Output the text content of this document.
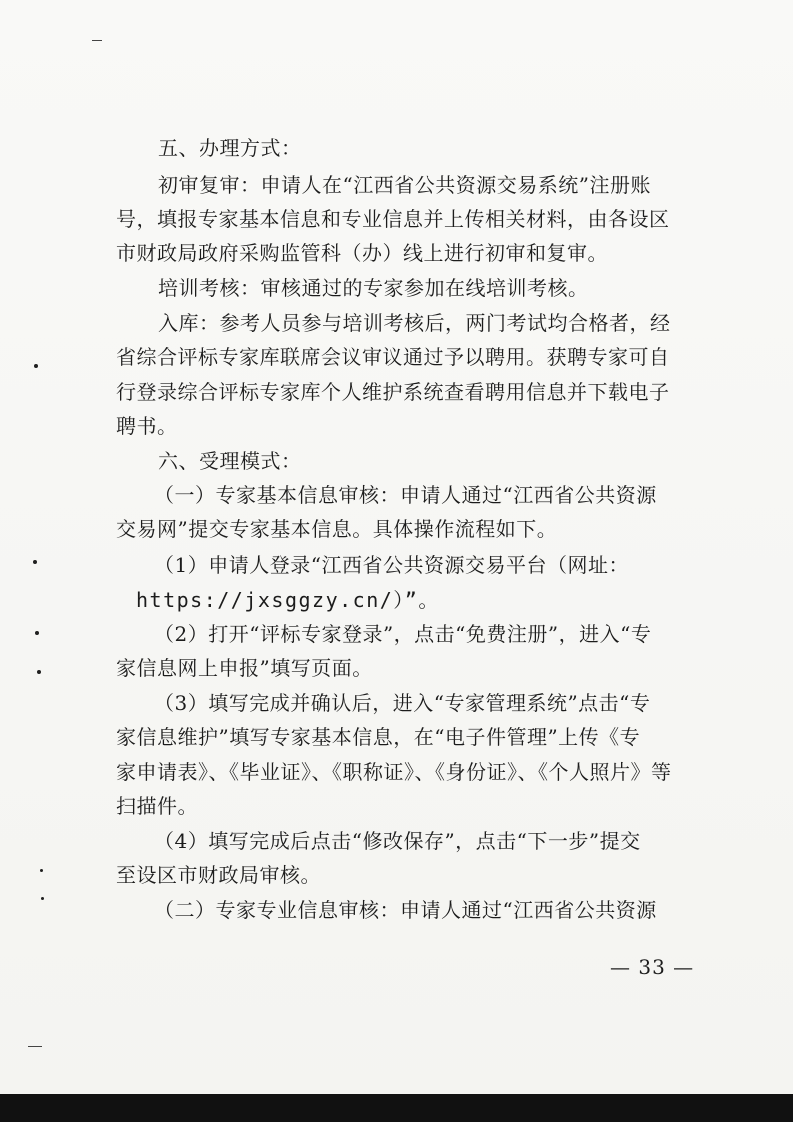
五、办理方式：
初审复审：申请人在“江西省公共资源交易系统”注册账
号，填报专家基本信息和专业信息并上传相关材料，由各设区
市财政局政府采购监管科（办）线上进行初审和复审。
培训考核：审核通过的专家参加在线培训考核。
入库：参考人员参与培训考核后，两门考试均合格者，经
省综合评标专家库联席会议审议通过予以聘用。获聘专家可自
行登录综合评标专家库个人维护系统查看聘用信息并下载电子
聘书。
六、受理模式：
（一）专家基本信息审核：申请人通过“江西省公共资源
交易网”提交专家基本信息。具体操作流程如下。
（1）申请人登录“江西省公共资源交易平台（网址：
https://jxsggzy.cn/）”。
（2）打开“评标专家登录”，点击“免费注册”，进入“专
家信息网上申报”填写页面。
（3）填写完成并确认后，进入“专家管理系统”点击“专
家信息维护”填写专家基本信息，在“电子件管理”上传《专
家申请表》、《毕业证》、《职称证》、《身份证》、《个人照片》等
扫描件。
（4）填写完成后点击“修改保存”，点击“下一步”提交
至设区市财政局审核。
（二）专家专业信息审核：申请人通过“江西省公共资源
— 33 —
